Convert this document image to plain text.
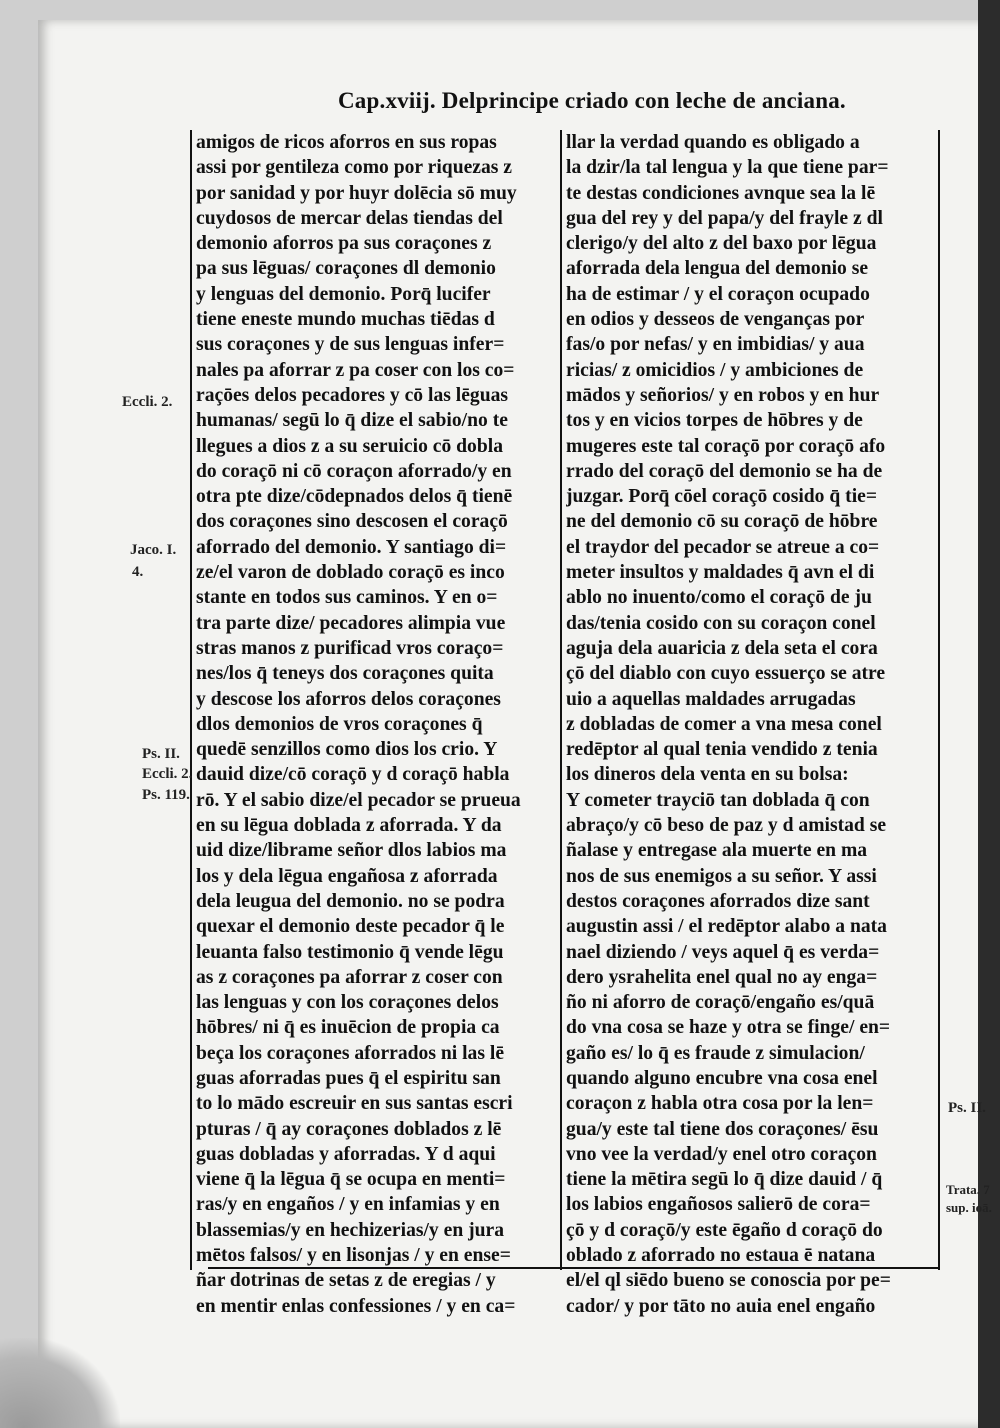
Cap.xviij. Delprincipe criado con leche de anciana.
amigos de ricos aforros en sus ropas
assi por gentileza como por riquezas z
por sanidad y por huyr dolēcia sō muy
cuydosos de mercar delas tiendas del
demonio aforros pa sus coraçones z
pa sus lēguas/ coraçones dl demonio
y lenguas del demonio. Porq̄ lucifer
tiene eneste mundo muchas tiēdas d
sus coraçones y de sus lenguas infer=
nales pa aforrar z pa coser con los co=
raçōes delos pecadores y cō las lēguas
humanas/ segū lo q̄ dize el sabio/no te
llegues a dios z a su seruicio cō dobla
do coraçō ni cō coraçon aforrado/y en
otra pte dize/cōdepnados delos q̄ tienē
dos coraçones sino descosen el coraçō
aforrado del demonio. Y santiago di=
ze/el varon de doblado coraçō es inco
stante en todos sus caminos. Y en o=
tra parte dize/ pecadores alimpia vue
stras manos z purificad vros coraço=
nes/los q̄ teneys dos coraçones quita
y descose los aforros delos coraçones
dlos demonios de vros coraçones q̄
quedē senzillos como dios los crio. Y
dauid dize/cō coraçō y d coraçō habla
rō. Y el sabio dize/el pecador se prueua
en su lēgua doblada z aforrada. Y da
uid dize/librame señor dlos labios ma
los y dela lēgua engañosa z aforrada
dela leugua del demonio. no se podra
quexar el demonio deste pecador q̄ le
leuanta falso testimonio q̄ vende lēgu
as z coraçones pa aforrar z coser con
las lenguas y con los coraçones delos
hōbres/ ni q̄ es inuēcion de propia ca
beça los coraçones aforrados ni las lē
guas aforradas pues q̄ el espiritu san
to lo mādo escreuir en sus santas escri
pturas / q̄ ay coraçones doblados z lē
guas dobladas y aforradas. Y d aqui
viene q̄ la lēgua q̄ se ocupa en menti=
ras/y en engaños / y en infamias y en
blassemias/y en hechizerias/y en jura
mētos falsos/ y en lisonjas / y en ense=
ñar dotrinas de setas z de eregias / y
en mentir enlas confessiones / y en ca=
llar la verdad quando es obligado a
la dzir/la tal lengua y la que tiene par=
te destas condiciones avnque sea la lē
gua del rey y del papa/y del frayle z dl
clerigo/y del alto z del baxo por lēgua
aforrada dela lengua del demonio se
ha de estimar / y el coraçon ocupado
en odios y desseos de venganças por
fas/o por nefas/ y en imbidias/ y aua
ricias/ z omicidios / y ambiciones de
mādos y señorios/ y en robos y en hur
tos y en vicios torpes de hōbres y de
mugeres este tal coraçō por coraçō afo
rrado del coraçō del demonio se ha de
juzgar. Porq̄ cōel coraçō cosido q̄ tie=
ne del demonio cō su coraçō de hōbre
el traydor del pecador se atreue a co=
meter insultos y maldades q̄ avn el di
ablo no inuento/como el coraçō de ju
das/tenia cosido con su coraçon conel
aguja dela auaricia z dela seta el cora
çō del diablo con cuyo essuerço se atre
uio a aquellas maldades arrugadas
z dobladas de comer a vna mesa conel
redēptor al qual tenia vendido z tenia
los dineros dela venta en su bolsa:
Y cometer trayciō tan doblada q̄ con
abraço/y cō beso de paz y d amistad se
ñalase y entregase ala muerte en ma
nos de sus enemigos a su señor. Y assi
destos coraçones aforrados dize sant
augustin assi / el redēptor alabo a nata
nael diziendo / veys aquel q̄ es verda=
dero ysrahelita enel qual no ay enga=
ño ni aforro de coraçō/engaño es/quā
do vna cosa se haze y otra se finge/ en=
gaño es/ lo q̄ es fraude z simulacion/
quando alguno encubre vna cosa enel
coraçon z habla otra cosa por la len=
gua/y este tal tiene dos coraçones/ ēsu
vno vee la verdad/y enel otro coraçon
tiene la mētira segū lo q̄ dize dauid / q̄
los labios engañosos salierō de cora=
çō y d coraçō/y este ēgaño d coraçō do
oblado z aforrado no estaua ē natana
el/el ql siēdo bueno se conoscia por pe=
cador/ y por tāto no auia enel engaño
Eccli. 2.
Jaco. I.
4.
Ps. II.
Eccli. 2.
Ps. 119.
Ps. II.
Trata. 7
sup. ioā.
